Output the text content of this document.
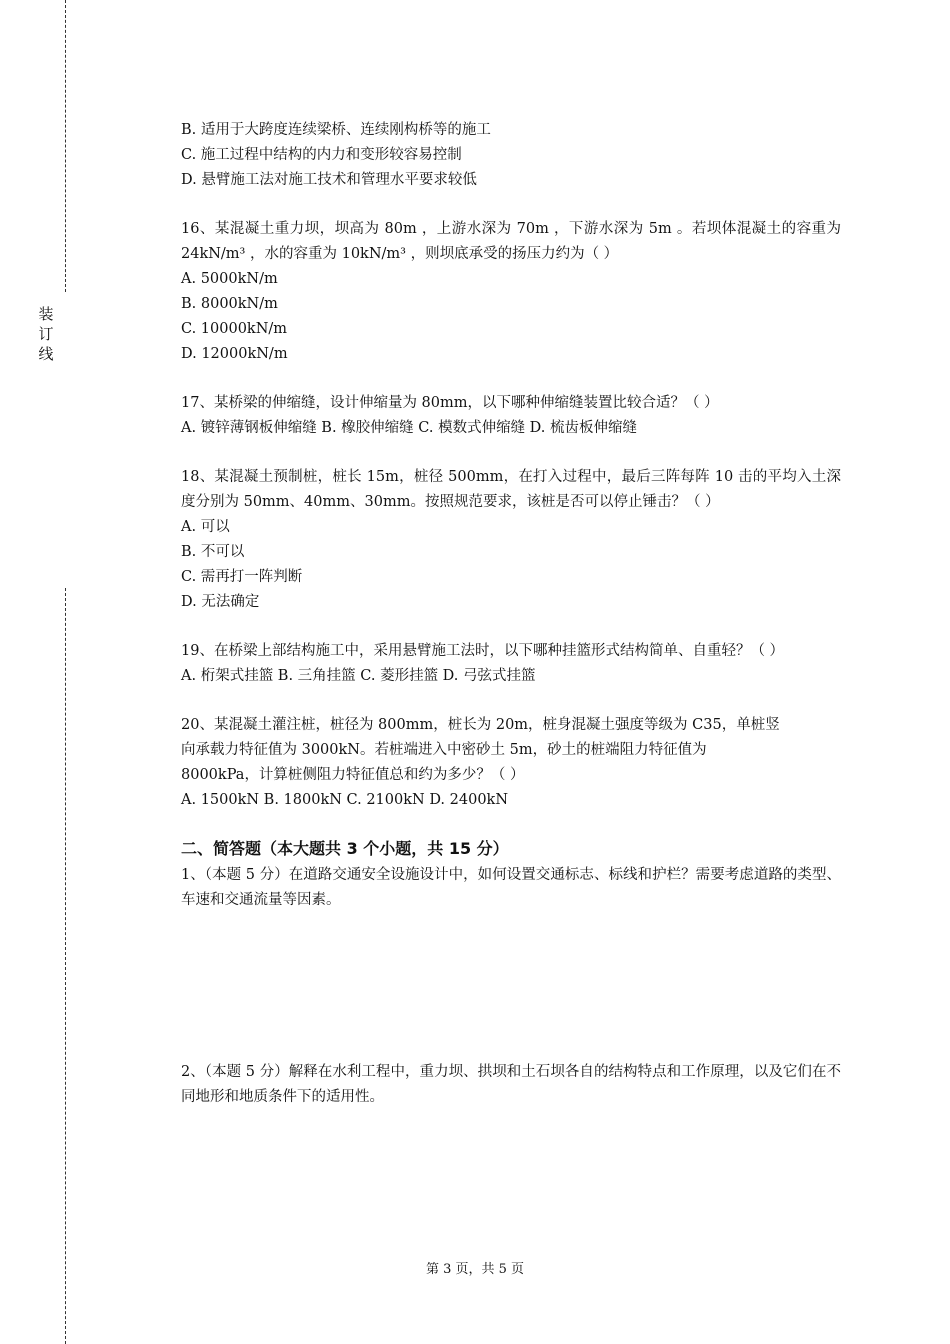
装
订
线
B. 适用于大跨度连续梁桥、连续刚构桥等的施工
C. 施工过程中结构的内力和变形较容易控制
D. 悬臂施工法对施工技术和管理水平要求较低
16、某混凝土重力坝，坝高为 80m ，上游水深为 70m ，下游水深为 5m 。若坝体混凝土的容重为 24kN/m³ ，水的容重为 10kN/m³ ，则坝底承受的扬压力约为（ ）
A. 5000kN/m
B. 8000kN/m
C. 10000kN/m
D. 12000kN/m
17、某桥梁的伸缩缝，设计伸缩量为 80mm，以下哪种伸缩缝装置比较合适？（ ）
A. 镀锌薄钢板伸缩缝 B. 橡胶伸缩缝 C. 模数式伸缩缝 D. 梳齿板伸缩缝
18、某混凝土预制桩，桩长 15m，桩径 500mm，在打入过程中，最后三阵每阵 10 击的平均入土深度分别为 50mm、40mm、30mm。按照规范要求，该桩是否可以停止锤击？（ ）
A. 可以
B. 不可以
C. 需再打一阵判断
D. 无法确定
19、在桥梁上部结构施工中，采用悬臂施工法时，以下哪种挂篮形式结构简单、自重轻？（ ）
A. 桁架式挂篮 B. 三角挂篮 C. 菱形挂篮 D. 弓弦式挂篮
20、某混凝土灌注桩，桩径为 800mm，桩长为 20m，桩身混凝土强度等级为 C35，单桩竖
向承载力特征值为 3000kN。若桩端进入中密砂土 5m，砂土的桩端阻力特征值为
8000kPa，计算桩侧阻力特征值总和约为多少？（ ）
A. 1500kN B. 1800kN C. 2100kN D. 2400kN
二、简答题（本大题共 3 个小题，共 15 分）
1、（本题 5 分）在道路交通安全设施设计中，如何设置交通标志、标线和护栏？需要考虑道路的类型、车速和交通流量等因素。
2、（本题 5 分）解释在水利工程中，重力坝、拱坝和土石坝各自的结构特点和工作原理，以及它们在不同地形和地质条件下的适用性。
第 3 页，共 5 页
